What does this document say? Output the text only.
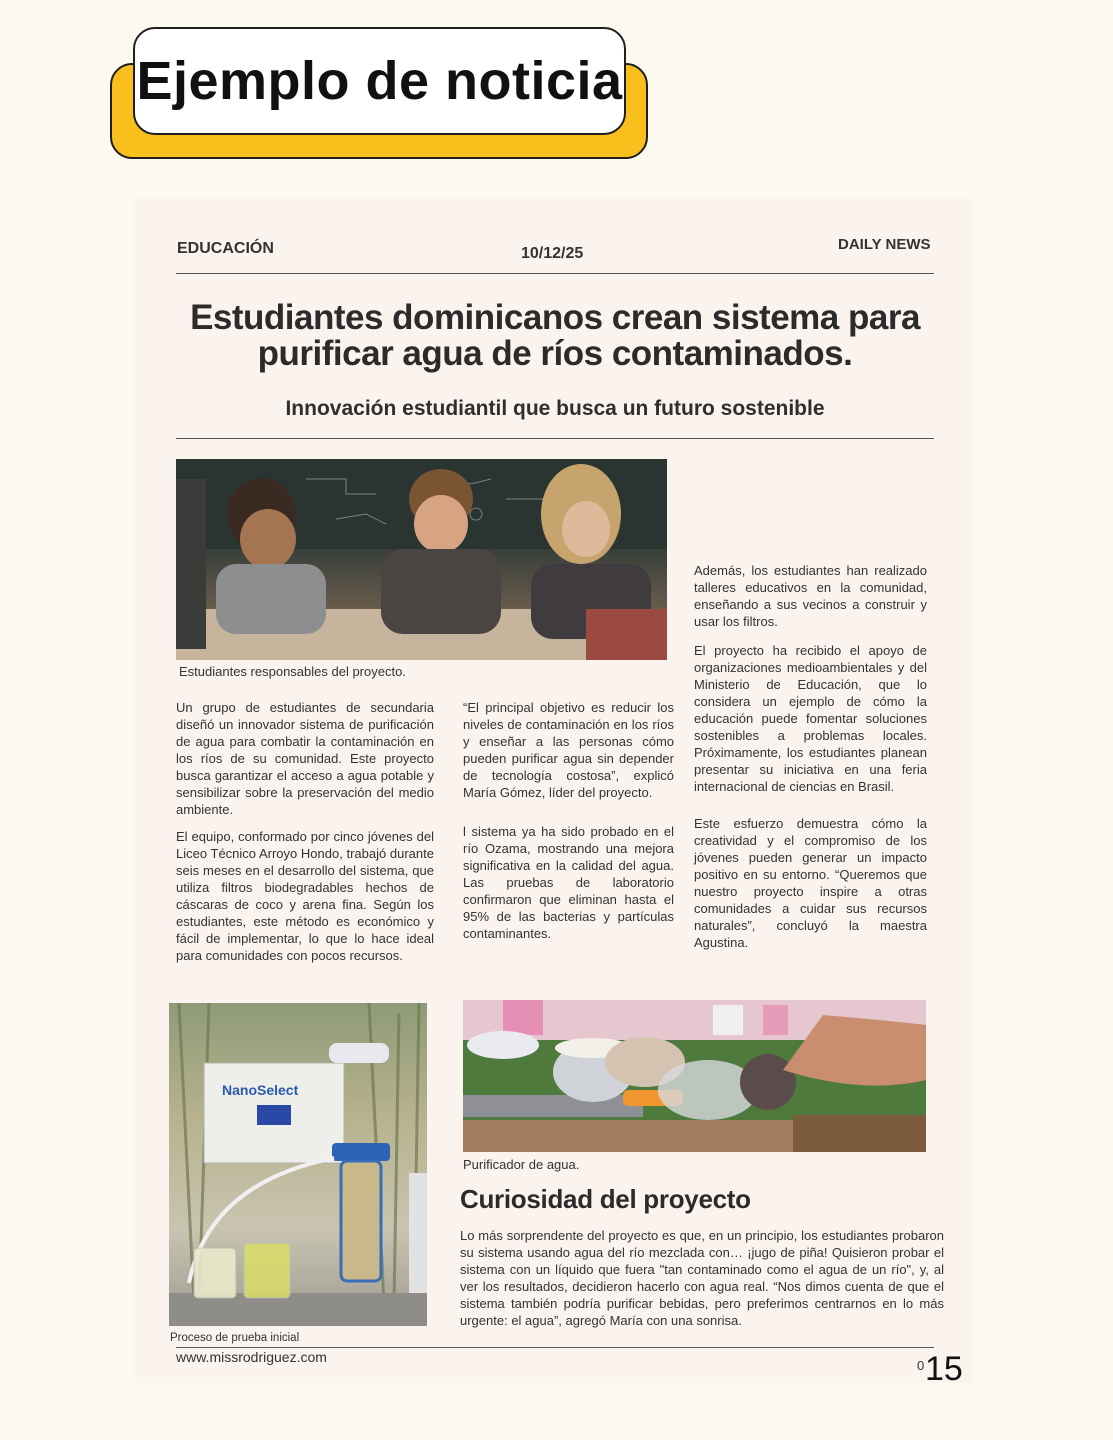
Ejemplo de noticia
EDUCACIÓN	10/12/25
DAILY NEWS
Estudiantes dominicanos crean sistema para
purificar agua de ríos contaminados.
Innovación estudiantil que busca un futuro sostenible
Estudiantes responsables del proyecto.

Un grupo de estudiantes de secundaria diseñó un innovador sistema de purificación de agua para combatir la contaminación en los ríos de su comunidad. Este proyecto busca garantizar el acceso a agua potable y sensibilizar sobre la preservación del medio ambiente.

El equipo, conformado por cinco jóvenes del Liceo Técnico Arroyo Hondo, trabajó durante seis meses en el desarrollo del sistema, que utiliza filtros biodegradables hechos de cáscaras de coco y arena fina. Según los estudiantes, este método es económico y fácil de implementar, lo que lo hace ideal para comunidades con pocos recursos.

“El principal objetivo es reducir los niveles de contaminación en los ríos y enseñar a las personas cómo pueden purificar agua sin depender de tecnología costosa”, explicó María Gómez, líder del proyecto.

l sistema ya ha sido probado en el río Ozama, mostrando una mejora significativa en la calidad del agua. Las pruebas de laboratorio confirmaron que eliminan hasta el 95% de las bacterias y partículas contaminantes.

Además, los estudiantes han realizado talleres educativos en la comunidad, enseñando a sus vecinos a construir y usar los filtros.

El proyecto ha recibido el apoyo de organizaciones medioambientales y del Ministerio de Educación, que lo considera un ejemplo de cómo la educación puede fomentar soluciones sostenibles a problemas locales. Próximamente, los estudiantes planean presentar su iniciativa en una feria internacional de ciencias en Brasil.

Este esfuerzo demuestra cómo la creatividad y el compromiso de los jóvenes pueden generar un impacto positivo en su entorno. “Queremos que nuestro proyecto inspire a otras comunidades a cuidar sus recursos naturales”, concluyó la maestra Agustina.

NanoSelect
Proceso de prueba inicial
Purificador de agua.
Curiosidad del proyecto

Lo más sorprendente del proyecto es que, en un principio, los estudiantes probaron su sistema usando agua del río mezclada con… ¡jugo de piña! Quisieron probar el sistema con un líquido que fuera "tan contaminado como el agua de un río", y, al ver los resultados, decidieron hacerlo con agua real. “Nos dimos cuenta de que el sistema también podría purificar bebidas, pero preferimos centrarnos en lo más urgente: el agua”, agregó María con una sonrisa.

www.missrodriguez.com
0 15
